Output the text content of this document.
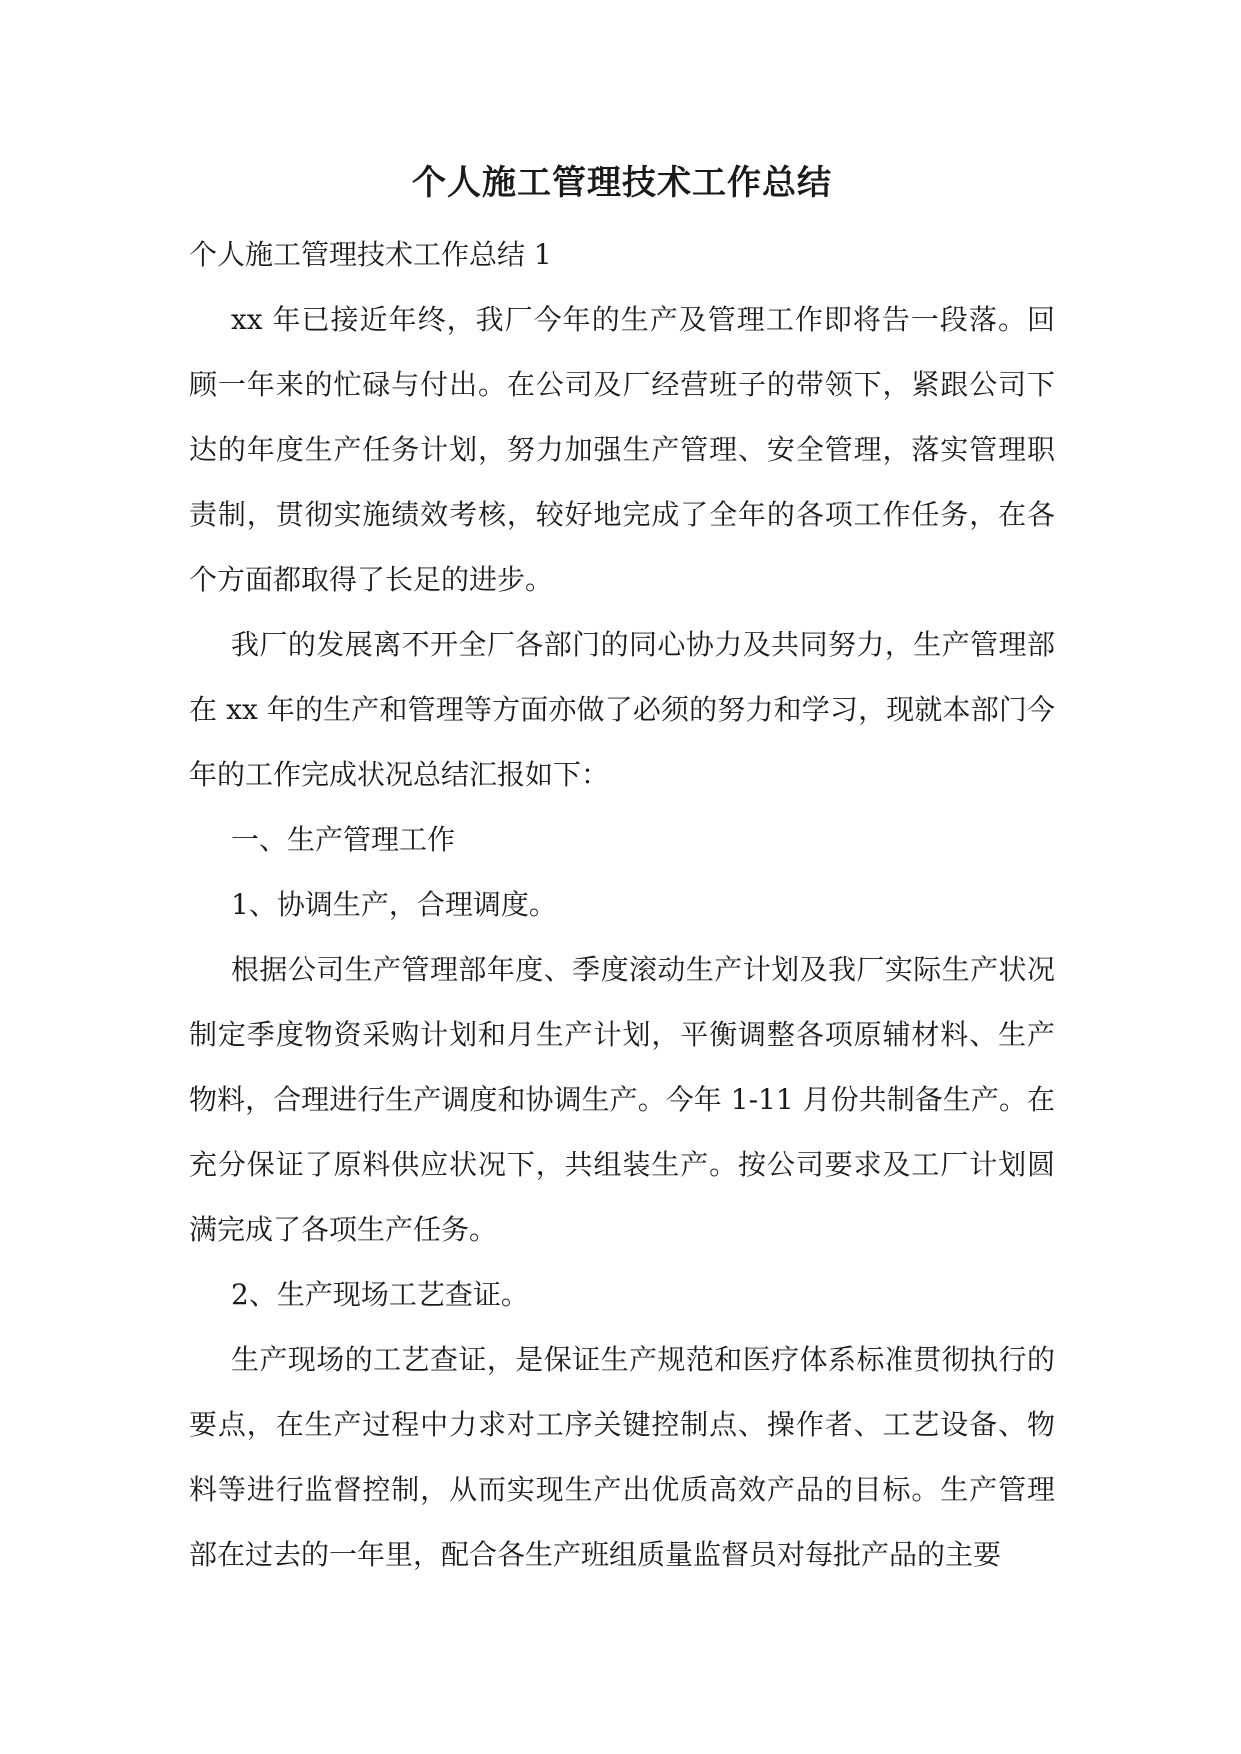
个人施工管理技术工作总结

个人施工管理技术工作总结 1

xx 年已接近年终，我厂今年的生产及管理工作即将告一段落。回顾一年来的忙碌与付出。在公司及厂经营班子的带领下，紧跟公司下达的年度生产任务计划，努力加强生产管理、安全管理，落实管理职责制，贯彻实施绩效考核，较好地完成了全年的各项工作任务，在各个方面都取得了长足的进步。

我厂的发展离不开全厂各部门的同心协力及共同努力，生产管理部在 xx 年的生产和管理等方面亦做了必须的努力和学习，现就本部门今年的工作完成状况总结汇报如下：

一、生产管理工作

1、协调生产，合理调度。

根据公司生产管理部年度、季度滚动生产计划及我厂实际生产状况制定季度物资采购计划和月生产计划，平衡调整各项原辅材料、生产物料，合理进行生产调度和协调生产。今年 1-11 月份共制备生产。在充分保证了原料供应状况下，共组装生产。按公司要求及工厂计划圆满完成了各项生产任务。

2、生产现场工艺查证。

生产现场的工艺查证，是保证生产规范和医疗体系标准贯彻执行的要点，在生产过程中力求对工序关键控制点、操作者、工艺设备、物料等进行监督控制，从而实现生产出优质高效产品的目标。生产管理部在过去的一年里，配合各生产班组质量监督员对每批产品的主要
